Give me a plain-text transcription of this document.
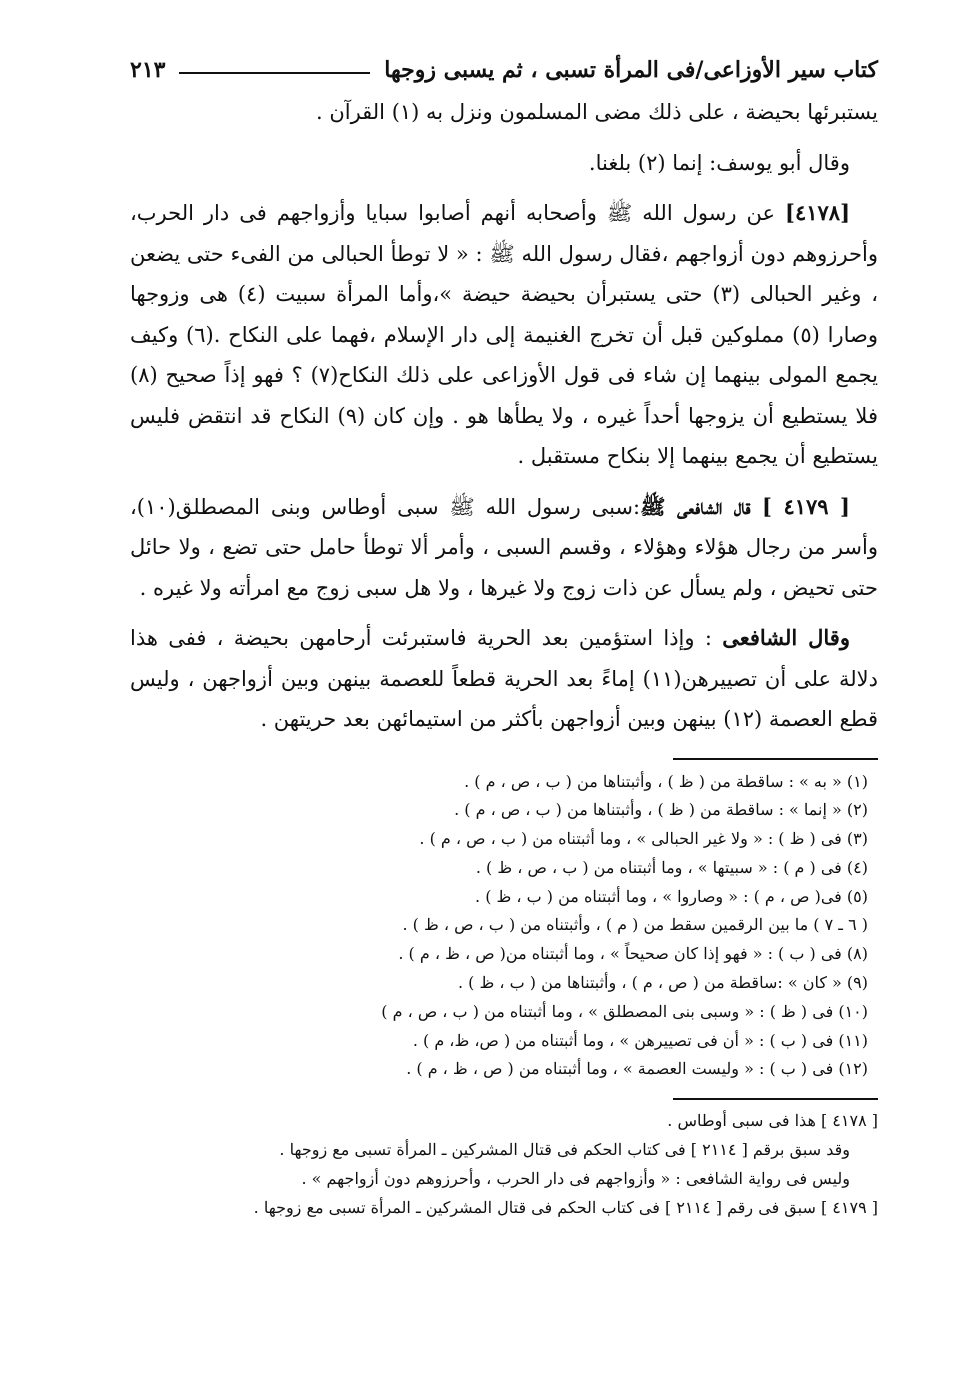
كتاب سير الأوزاعى/فى المرأة تسبى ، ثم يسبى زوجها
٢١٣

يستبرئها بحيضة ، على ذلك مضى المسلمون ونزل به (١) القرآن .

وقال أبو يوسف: إنما (٢) بلغنا.

[٤١٧٨] عن رسول الله ﷺ وأصحابه أنهم أصابوا سبايا وأزواجهم فى دار الحرب، وأحرزوهم دون أزواجهم ،فقال رسول الله ﷺ : « لا توطأ الحبالى من الفىء حتى يضعن ، وغير الحبالى (٣) حتى يستبرأن بحيضة حيضة »،وأما المرأة سبيت (٤) هى وزوجها وصارا (٥) مملوكين قبل أن تخرج الغنيمة إلى دار الإسلام ،فهما على النكاح .(٦) وكيف يجمع المولى بينهما إن شاء فى قول الأوزاعى على ذلك النكاح(٧) ؟ فهو إذاً صحيح (٨) فلا يستطيع أن يزوجها أحداً غيره ، ولا يطأها هو . وإن كان (٩) النكاح قد انتقض فليس يستطيع أن يجمع بينهما إلا بنكاح مستقبل .

[ ٤١٧٩ ] قال الشافعى ﷺ:سبى رسول الله ﷺ سبى أوطاس وبنى المصطلق(١٠)، وأسر من رجال هؤلاء وهؤلاء ، وقسم السبى ، وأمر ألا توطأ حامل حتى تضع ، ولا حائل حتى تحيض ، ولم يسأل عن ذات زوج ولا غيرها ، ولا هل سبى زوج مع امرأته ولا غيره .

وقال الشافعى : وإذا استؤمين بعد الحرية فاستبرئت أرحامهن بحيضة ، ففى هذا دلالة على أن تصييرهن(١١) إماءً بعد الحرية قطعاً للعصمة بينهن وبين أزواجهن ، وليس قطع العصمة (١٢) بينهن وبين أزواجهن بأكثر من استيمائهن بعد حريتهن .

(١) « به » : ساقطة من ( ظ ) ، وأثبتناها من ( ب ، ص ، م ) .
(٢) « إنما » : ساقطة من ( ظ ) ، وأثبتناها من ( ب ، ص ، م ) .
(٣) فى ( ظ ) : « ولا غير الحبالى » ، وما أثبتناه من ( ب ، ص ، م ) .
(٤) فى ( م ) : « سبيتها » ، وما أثبتناه من ( ب ، ص ، ظ ) .
(٥) فى( ص ، م ) : « وصاروا » ، وما أثبتناه من ( ب ، ظ ) .
( ٦ ـ ٧ ) ما بين الرقمين سقط من ( م ) ، وأثبتناه من ( ب ، ص ، ظ ) .
(٨) فى ( ب ) : « فهو إذا كان صحيحاً » ، وما أثبتناه من( ص ، ظ ، م ) .
(٩) « كان » :ساقطة من ( ص ، م ) ، وأثبتناها من ( ب ، ظ ) .
(١٠) فى ( ظ ) : « وسبى بنى المصطلق » ، وما أثبتناه من ( ب ، ص ، م )
(١١) فى ( ب ) : « أن فى تصييرهن » ، وما أثبتناه من ( ص، ظ، م ) .
(١٢) فى ( ب ) : « وليست العصمة » ، وما أثبتناه من ( ص ، ظ ، م ) .
[ ٤١٧٨ ] هذا فى سبى أوطاس .
وقد سبق برقم [ ٢١١٤ ] فى كتاب الحكم فى قتال المشركين ـ المرأة تسبى مع زوجها .
وليس فى رواية الشافعى : « وأزواجهم فى دار الحرب ، وأحرزوهم دون أزواجهم » .
[ ٤١٧٩ ] سبق فى رقم [ ٢١١٤ ] فى كتاب الحكم فى قتال المشركين ـ المرأة تسبى مع زوجها .
